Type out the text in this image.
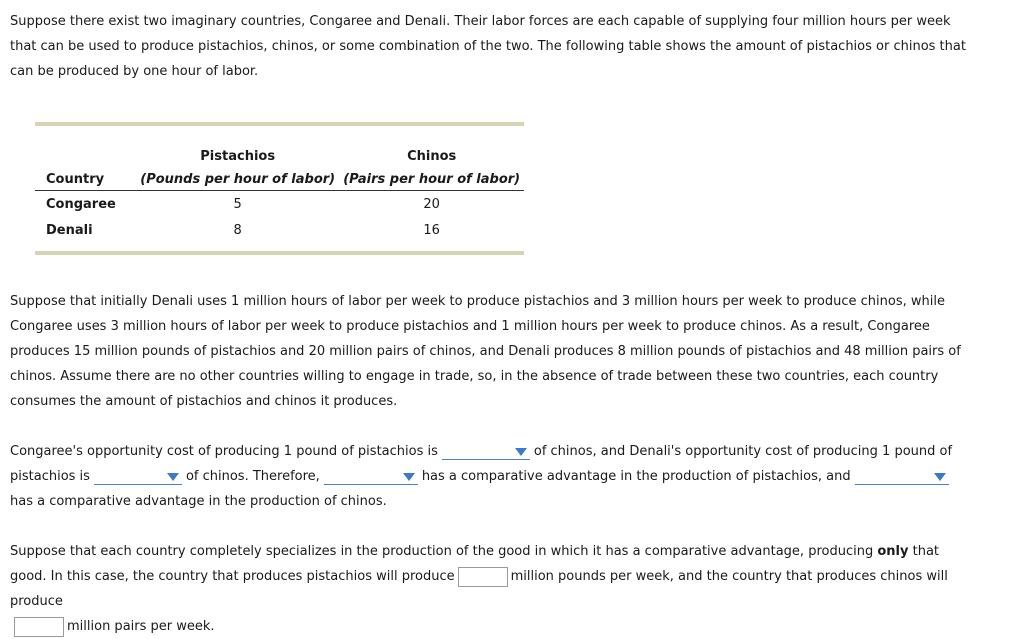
Suppose there exist two imaginary countries, Congaree and Denali. Their labor forces are each capable of supplying four million hours per week that can be used to produce pistachios, chinos, or some combination of the two. The following table shows the amount of pistachios or chinos that can be produced by one hour of labor.

	Pistachios	Chinos
Country	(Pounds per hour of labor)	(Pairs per hour of labor)
Congaree	5	20
Denali	8	16

Suppose that initially Denali uses 1 million hours of labor per week to produce pistachios and 3 million hours per week to produce chinos, while Congaree uses 3 million hours of labor per week to produce pistachios and 1 million hours per week to produce chinos. As a result, Congaree produces 15 million pounds of pistachios and 20 million pairs of chinos, and Denali produces 8 million pounds of pistachios and 48 million pairs of chinos. Assume there are no other countries willing to engage in trade, so, in the absence of trade between these two countries, each country consumes the amount of pistachios and chinos it produces.

Congaree's opportunity cost of producing 1 pound of pistachios is	of chinos, and Denali's opportunity cost of producing 1 pound of pistachios is	of chinos. Therefore,	has a comparative advantage in the production of pistachios, and
has a comparative advantage in the production of chinos.

Suppose that each country completely specializes in the production of the good in which it has a comparative advantage, producing only that good. In this case, the country that produces pistachios will produce	million pounds per week, and the country that produces chinos will produce
million pairs per week.
